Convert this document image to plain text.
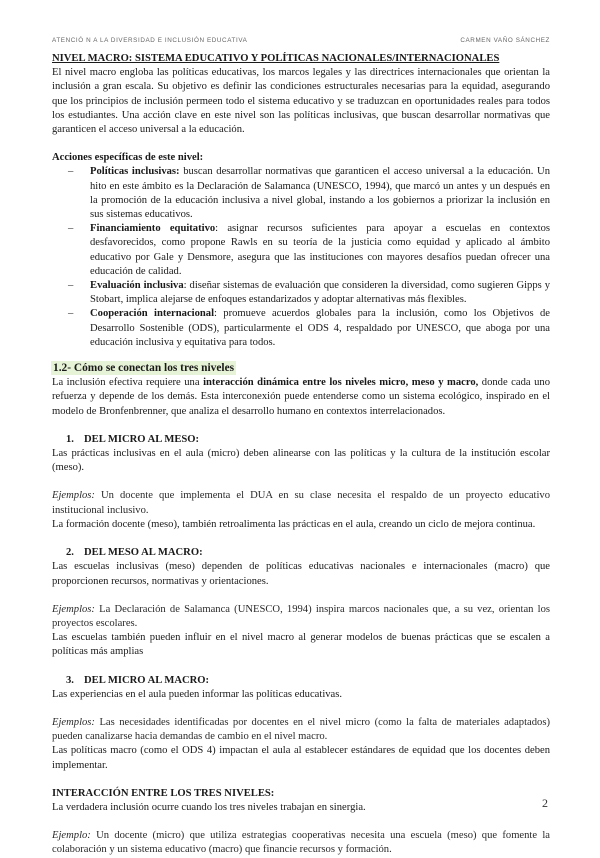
ATENCIÓ N A LA DIVERSIDAD E INCLUSIÓN EDUCATIVA	CARMEN VAÑO SÁNCHEZ

NIVEL MACRO: SISTEMA EDUCATIVO Y POLÍTICAS NACIONALES/INTERNACIONALES

El nivel macro engloba las políticas educativas, los marcos legales y las directrices internacionales que orientan la inclusión a gran escala. Su objetivo es definir las condiciones estructurales necesarias para la equidad, asegurando que los principios de inclusión permeen todo el sistema educativo y se traduzcan en oportunidades reales para todos los estudiantes. Una acción clave en este nivel son las políticas inclusivas, que buscan desarrollar normativas que garanticen el acceso universal a la educación.

Acciones específicas de este nivel:

– Políticas inclusivas: buscan desarrollar normativas que garanticen el acceso universal a la educación. Un hito en este ámbito es la Declaración de Salamanca (UNESCO, 1994), que marcó un antes y un después en la promoción de la educación inclusiva a nivel global, instando a los gobiernos a priorizar la inclusión en sus sistemas educativos.
– Financiamiento equitativo: asignar recursos suficientes para apoyar a escuelas en contextos desfavorecidos, como propone Rawls en su teoría de la justicia como equidad y aplicado al ámbito educativo por Gale y Densmore, asegura que las instituciones con mayores desafíos puedan ofrecer una educación de calidad.
– Evaluación inclusiva: diseñar sistemas de evaluación que consideren la diversidad, como sugieren Gipps y Stobart, implica alejarse de enfoques estandarizados y adoptar alternativas más flexibles.
– Cooperación internacional: promueve acuerdos globales para la inclusión, como los Objetivos de Desarrollo Sostenible (ODS), particularmente el ODS 4, respaldado por UNESCO, que aboga por una educación inclusiva y equitativa para todos.
1.2- Cómo se conectan los tres niveles

La inclusión efectiva requiere una interacción dinámica entre los niveles micro, meso y macro, donde cada uno refuerza y depende de los demás. Esta interconexión puede entenderse como un sistema ecológico, inspirado en el modelo de Bronfenbrenner, que analiza el desarrollo humano en contextos interrelacionados.

1. DEL MICRO AL MESO:

Las prácticas inclusivas en el aula (micro) deben alinearse con las políticas y la cultura de la institución escolar (meso).

Ejemplos: Un docente que implementa el DUA en su clase necesita el respaldo de un proyecto educativo institucional inclusivo.

La formación docente (meso), también retroalimenta las prácticas en el aula, creando un ciclo de mejora continua.

2. DEL MESO AL MACRO:

Las escuelas inclusivas (meso) dependen de políticas educativas nacionales e internacionales (macro) que proporcionen recursos, normativas y orientaciones.

Ejemplos: La Declaración de Salamanca (UNESCO, 1994) inspira marcos nacionales que, a su vez, orientan los proyectos escolares.

Las escuelas también pueden influir en el nivel macro al generar modelos de buenas prácticas que se escalen a políticas más amplias

3. DEL MICRO AL MACRO:

Las experiencias en el aula pueden informar las políticas educativas.

Ejemplos: Las necesidades identificadas por docentes en el nivel micro (como la falta de materiales adaptados) pueden canalizarse hacia demandas de cambio en el nivel macro.

Las políticas macro (como el ODS 4) impactan el aula al establecer estándares de equidad que los docentes deben implementar.

INTERACCIÓN ENTRE LOS TRES NIVELES:

La verdadera inclusión ocurre cuando los tres niveles trabajan en sinergia.

Ejemplo: Un docente (micro) que utiliza estrategias cooperativas necesita una escuela (meso) que fomente la colaboración y un sistema educativo (macro) que financie recursos y formación.

2
